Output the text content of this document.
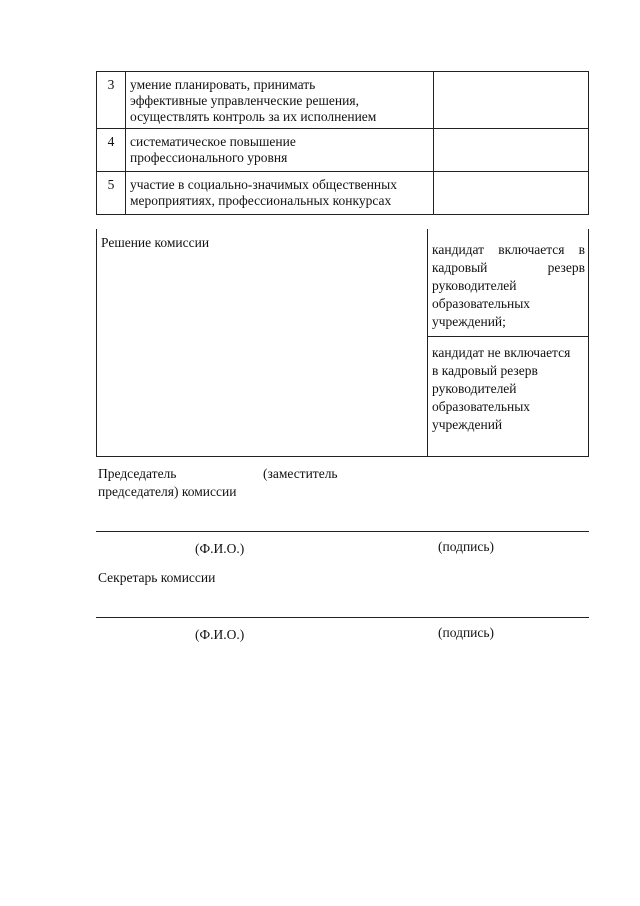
3	умение планировать, принимать
эффективные управленческие решения,
осуществлять контроль за их исполнением	

4	систематическое повышение
профессионального уровня	

5	участие в социально-значимых общественных
мероприятиях, профессиональных конкурсах	

Решение комиссии	кандидат включается в
кадровый резерв
руководителей
образовательных
учреждений;
кандидат не включается
в кадровый резерв
руководителей
образовательных
учреждений
Председатель	(заместитель
председателя) комиссии
(Ф.И.О.)	(подпись)
Секретарь комиссии
(Ф.И.О.)	(подпись)
